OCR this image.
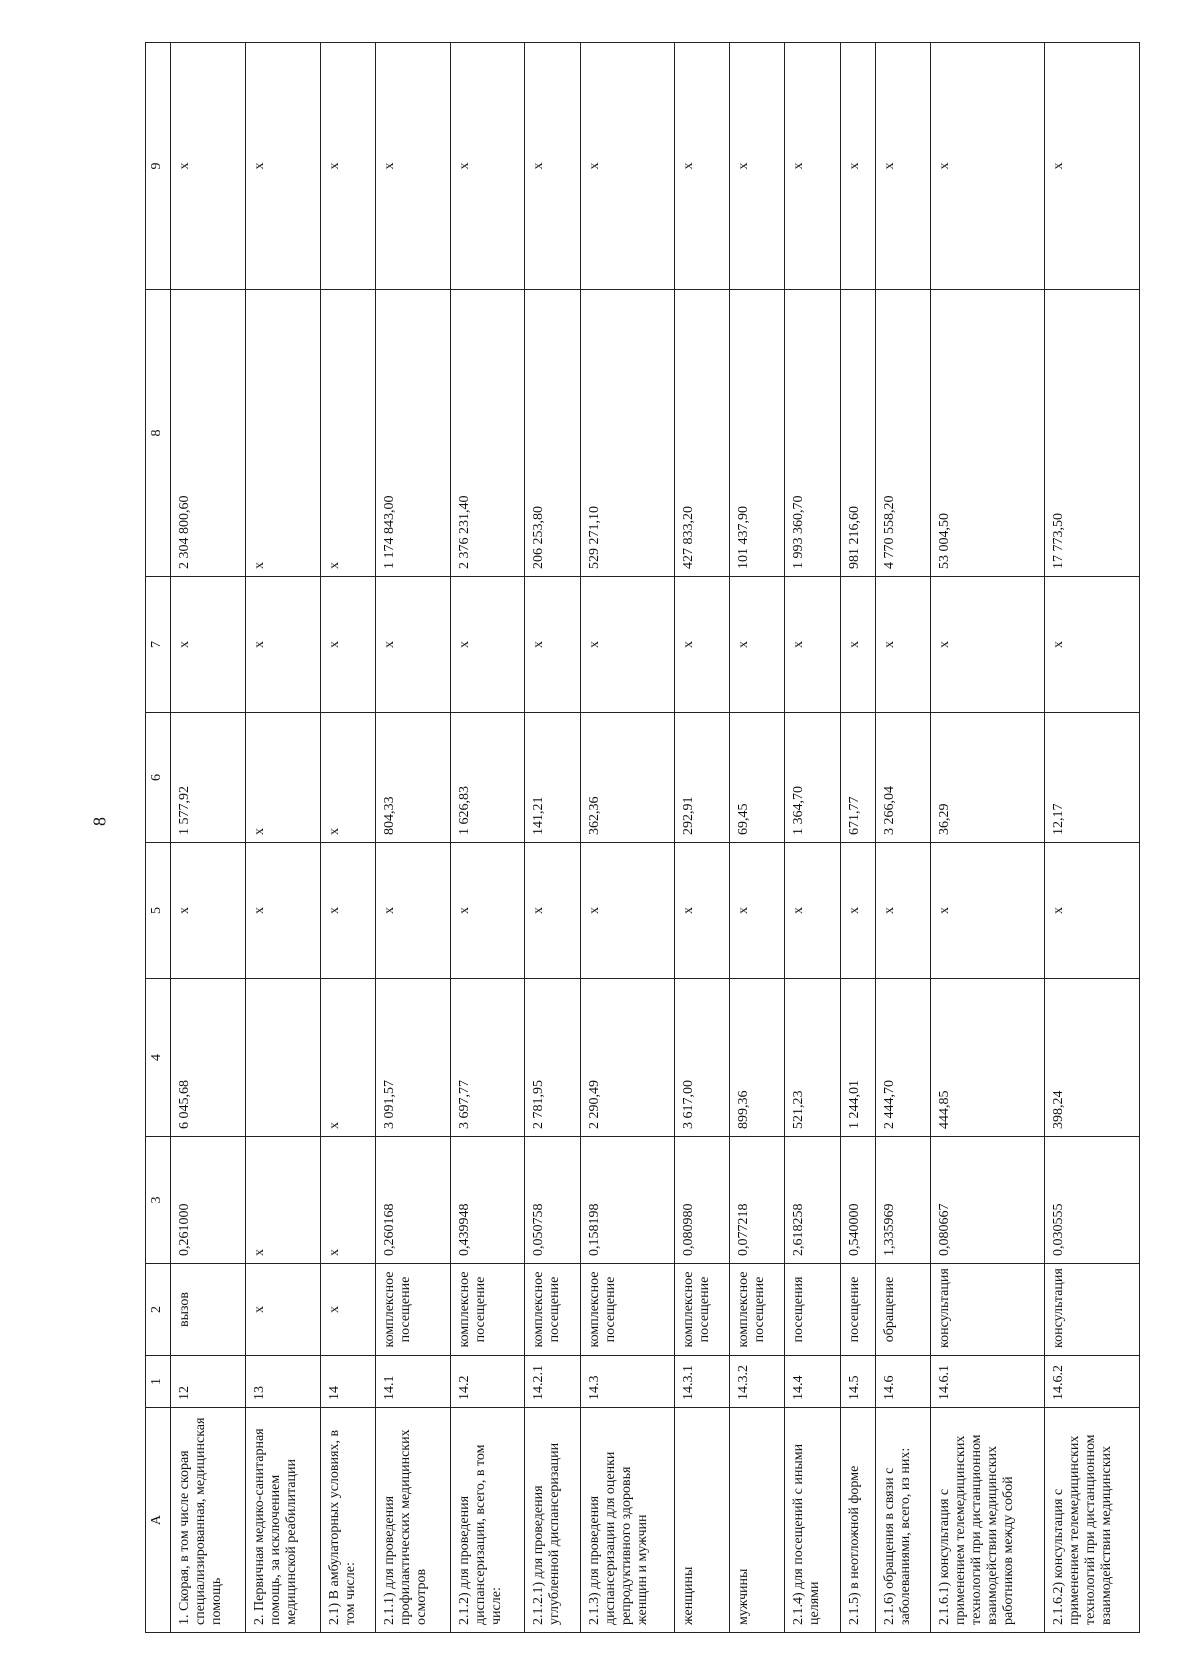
8
А	1	2	3	4	5	6	7	8	9
1. Скорая, в том числе скорая специализированная, медицинская помощь	12	вызов	0,261000	6 045,68	х	1 577,92	х	2 304 800,60	х
2. Первичная медико-санитарная помощь, за исключением медицинской реабилитации	13	х	х		х	х	х	х	х
2.1) В амбулаторных условиях, в том числе:	14	х	х	х	х	х	х	х	х
2.1.1) для проведения профилактических медицинских осмотров	14.1	комплексное посещение	0,260168	3 091,57	х	804,33	х	1 174 843,00	х
2.1.2) для проведения диспансеризации, всего, в том числе:	14.2	комплексное посещение	0,439948	3 697,77	х	1 626,83	х	2 376 231,40	х
2.1.2.1) для проведения углубленной диспансеризации	14.2.1	комплексное посещение	0,050758	2 781,95	х	141,21	х	206 253,80	х
2.1.3) для проведения диспансеризации для оценки репродуктивного здоровья женщин и мужчин	14.3	комплексное посещение	0,158198	2 290,49	х	362,36	х	529 271,10	х
женщины	14.3.1	комплексное посещение	0,080980	3 617,00	х	292,91	х	427 833,20	х
мужчины	14.3.2	комплексное посещение	0,077218	899,36	х	69,45	х	101 437,90	х
2.1.4) для посещений с иными целями	14.4	посещения	2,618258	521,23	х	1 364,70	х	1 993 360,70	х
2.1.5) в неотложной форме	14.5	посещение	0,540000	1 244,01	х	671,77	х	981 216,60	х
2.1.6) обращения в связи с заболеваниями, всего, из них:	14.6	обращение	1,335969	2 444,70	х	3 266,04	х	4 770 558,20	х
2.1.6.1) консультация с применением телемедицинских технологий при дистанционном взаимодействии медицинских работников между собой	14.6.1	консультация	0,080667	444,85	х	36,29	х	53 004,50	х
2.1.6.2) консультация с применением телемедицинских технологий при дистанционном взаимодействии медицинских	14.6.2	консультация	0,030555	398,24	х	12,17	х	17 773,50	х
